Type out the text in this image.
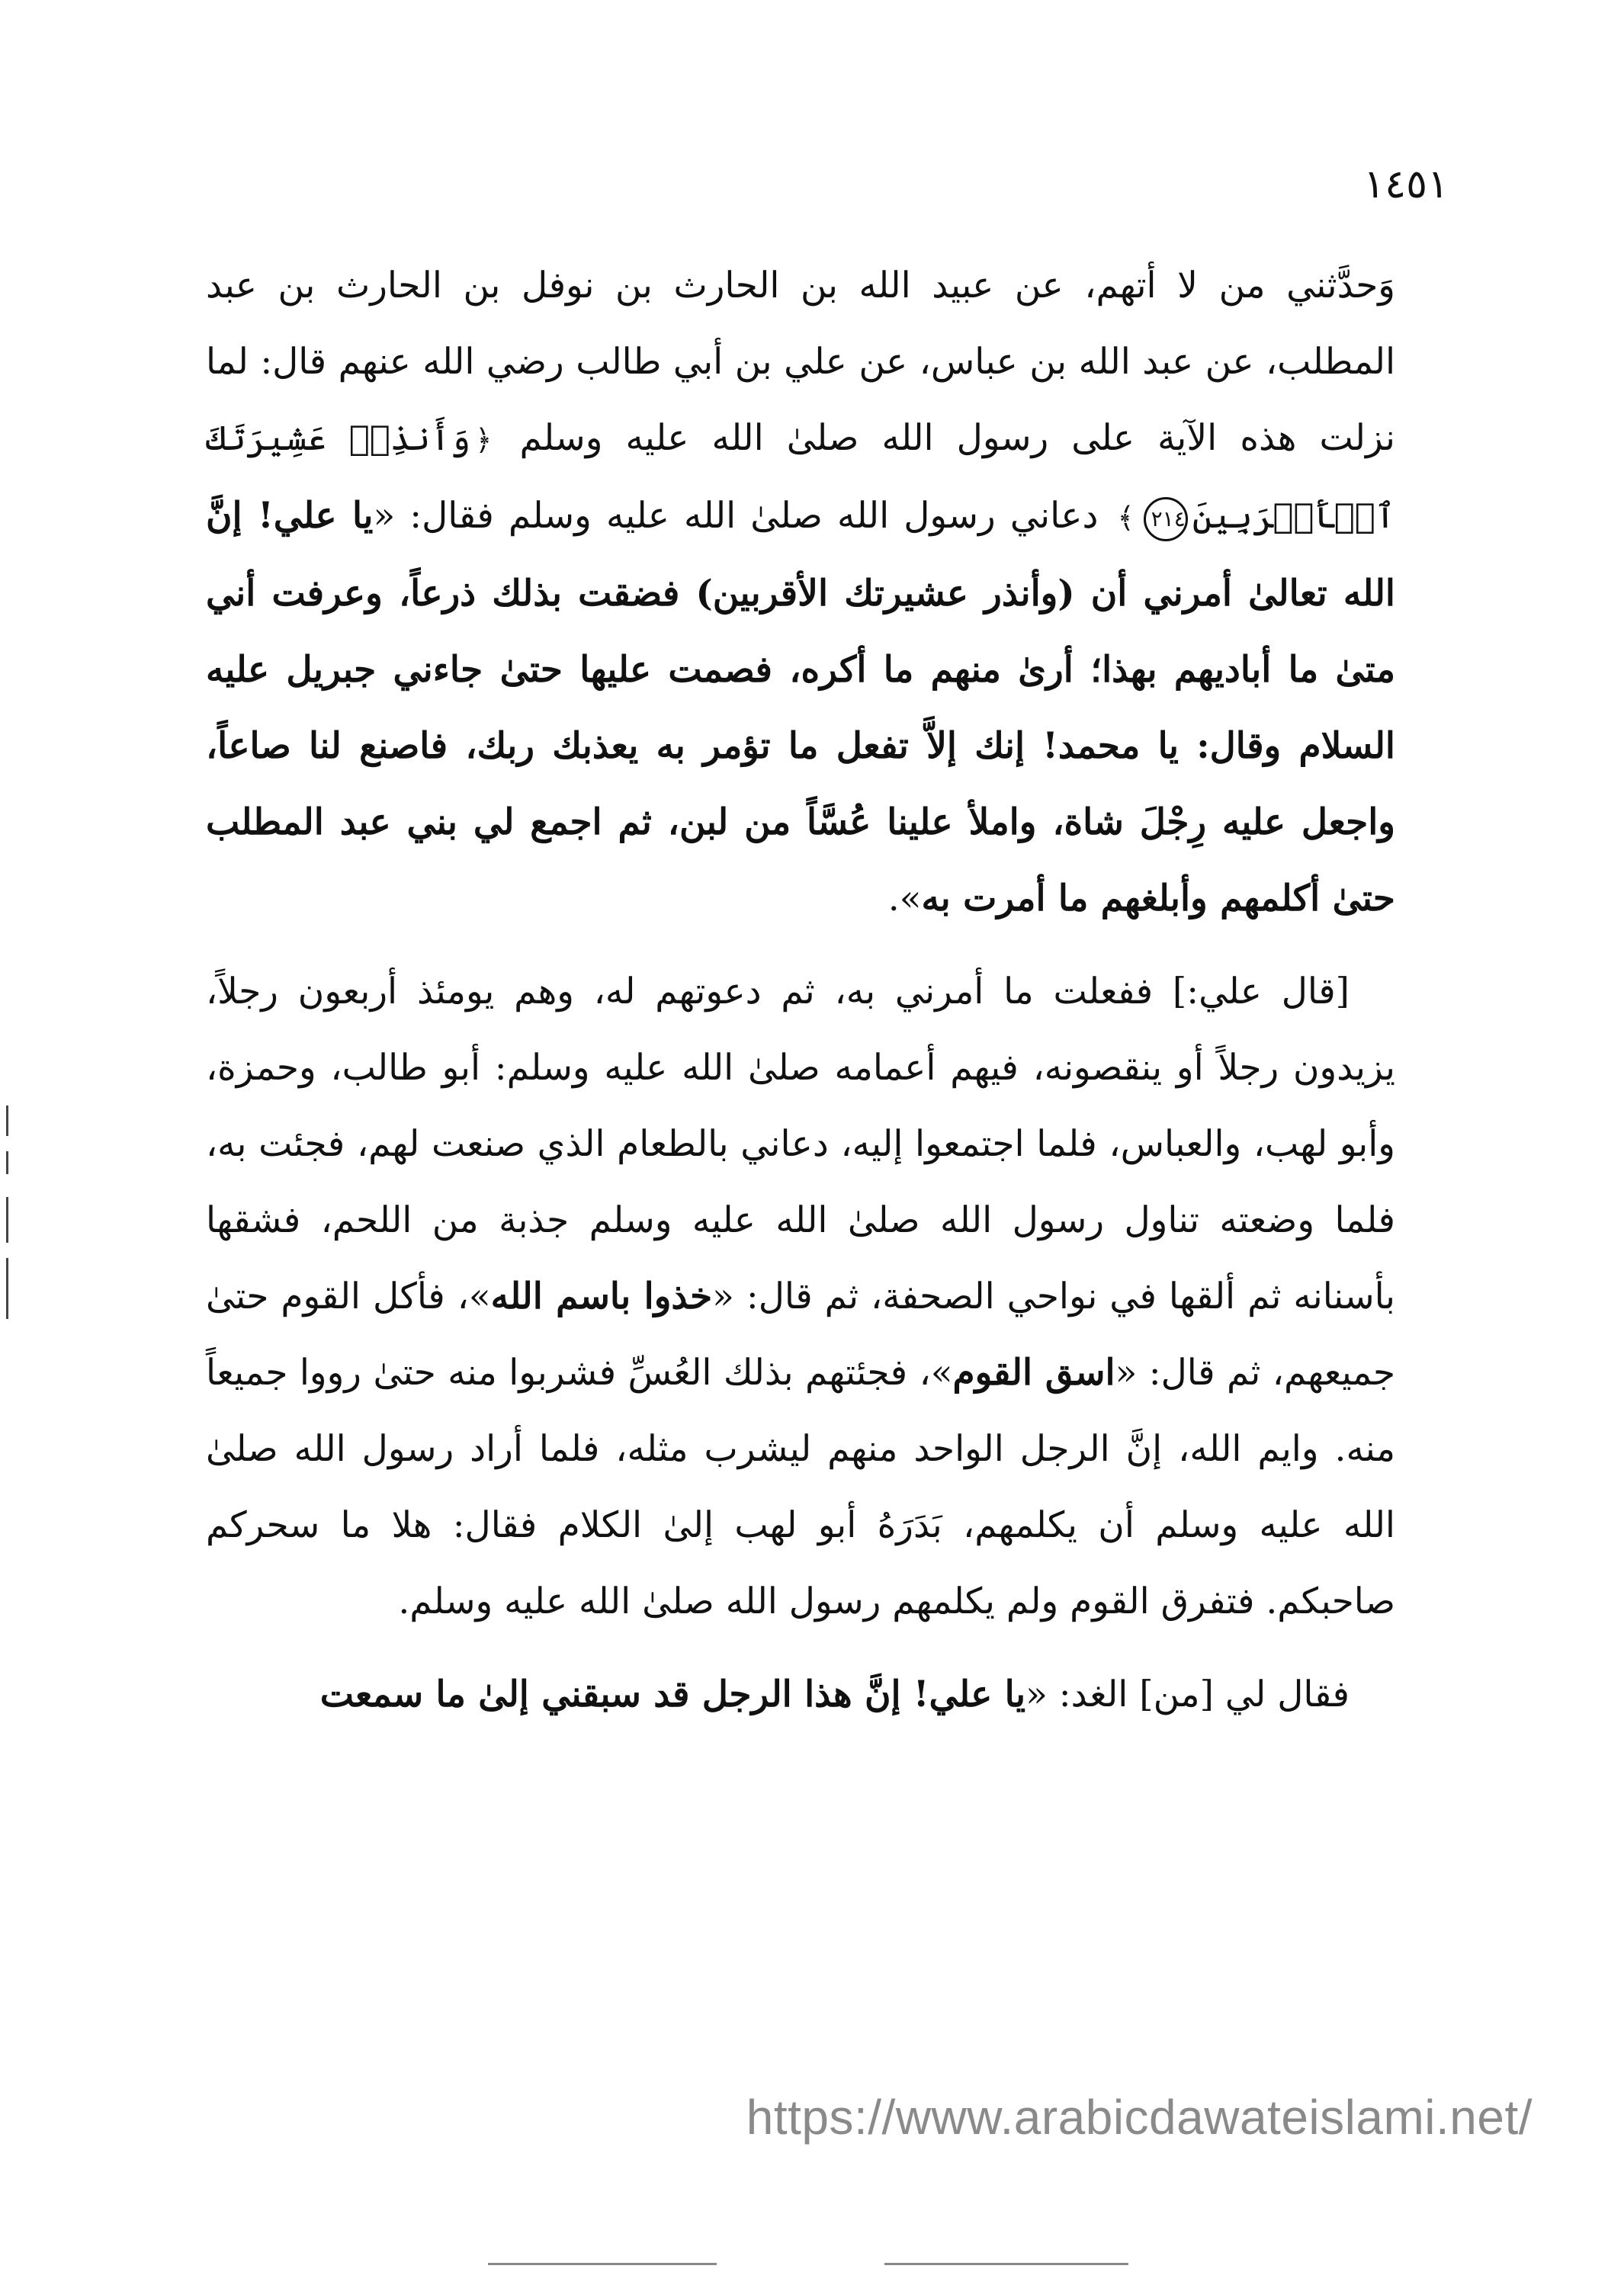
١٤٥١

وَحدَّثني من لا أتهم، عن عبيد الله بن الحارث بن نوفل بن الحارث بن عبد المطلب، عن عبد الله بن عباس، عن علي بن أبي طالب رضي الله عنهم قال: لما نزلت هذه الآية على رسول الله صلىٰ الله عليه وسلم ﴿وَأَنذِرۡ عَشِيرَتَكَ ٱلۡأَقۡرَبِينَ٢١٤﴾ دعاني رسول الله صلىٰ الله عليه وسلم فقال: «يا علي! إنَّ الله تعالىٰ أمرني أن (وأنذر عشيرتك الأقربين) فضقت بذلك ذرعاً، وعرفت أني متىٰ ما أباديهم بهذا؛ أرىٰ منهم ما أكره، فصمت عليها حتىٰ جاءني جبريل عليه السلام وقال: يا محمد! إنك إلاَّ تفعل ما تؤمر به يعذبك ربك، فاصنع لنا صاعاً، واجعل عليه رِجْلَ شاة، واملأ علينا عُسَّاً من لبن، ثم اجمع لي بني عبد المطلب حتىٰ أكلمهم وأبلغهم ما أمرت به».

[قال علي:] ففعلت ما أمرني به، ثم دعوتهم له، وهم يومئذ أربعون رجلاً، يزيدون رجلاً أو ينقصونه، فيهم أعمامه صلىٰ الله عليه وسلم: أبو طالب، وحمزة، وأبو لهب، والعباس، فلما اجتمعوا إليه، دعاني بالطعام الذي صنعت لهم، فجئت به، فلما وضعته تناول رسول الله صلىٰ الله عليه وسلم جذبة من اللحم، فشقها بأسنانه ثم ألقها في نواحي الصحفة، ثم قال: «خذوا باسم الله»، فأكل القوم حتىٰ جميعهم، ثم قال: «اسق القوم»، فجئتهم بذلك العُسِّ فشربوا منه حتىٰ رووا جميعاً منه. وايم الله، إنَّ الرجل الواحد منهم ليشرب مثله، فلما أراد رسول الله صلىٰ الله عليه وسلم أن يكلمهم، بَدَرَهُ أبو لهب إلىٰ الكلام فقال: هلا ما سحركم صاحبكم. فتفرق القوم ولم يكلمهم رسول الله صلىٰ الله عليه وسلم.

فقال لي [من] الغد: «يا علي! إنَّ هذا الرجل قد سبقني إلىٰ ما سمعت

https://www.arabicdawateislami.net/
